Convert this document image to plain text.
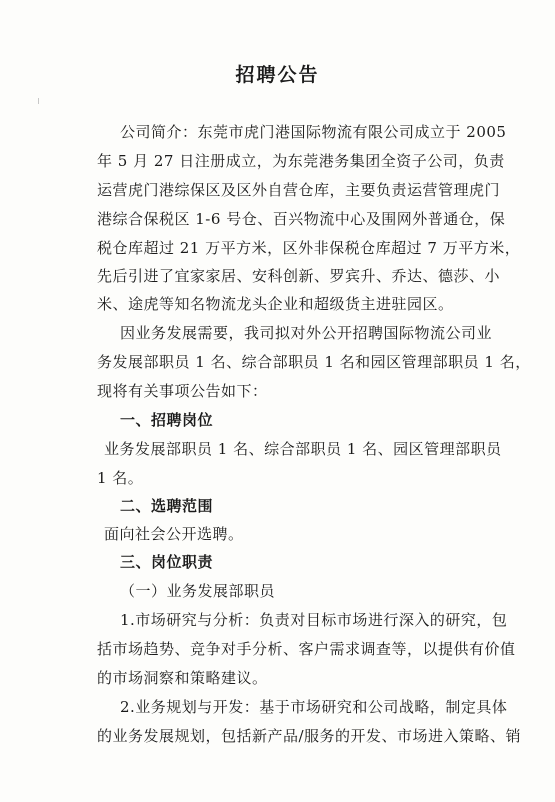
招聘公告
公司简介：东莞市虎门港国际物流有限公司成立于 2005
年 5 月 27 日注册成立，为东莞港务集团全资子公司，负责
运营虎门港综保区及区外自营仓库，主要负责运营管理虎门
港综合保税区 1-6 号仓、百兴物流中心及围网外普通仓，保
税仓库超过 21 万平方米，区外非保税仓库超过 7 万平方米，
先后引进了宜家家居、安科创新、罗宾升、乔达、德莎、小
米、途虎等知名物流龙头企业和超级货主进驻园区。
因业务发展需要，我司拟对外公开招聘国际物流公司业
务发展部职员 1 名、综合部职员 1 名和园区管理部职员 1 名，
现将有关事项公告如下：
一、招聘岗位
业务发展部职员 1 名、综合部职员 1 名、园区管理部职员
1 名。
二、选聘范围
面向社会公开选聘。
三、岗位职责
（一）业务发展部职员
1.市场研究与分析：负责对目标市场进行深入的研究，包
括市场趋势、竞争对手分析、客户需求调查等，以提供有价值
的市场洞察和策略建议。
2.业务规划与开发：基于市场研究和公司战略，制定具体
的业务发展规划，包括新产品/服务的开发、市场进入策略、销
